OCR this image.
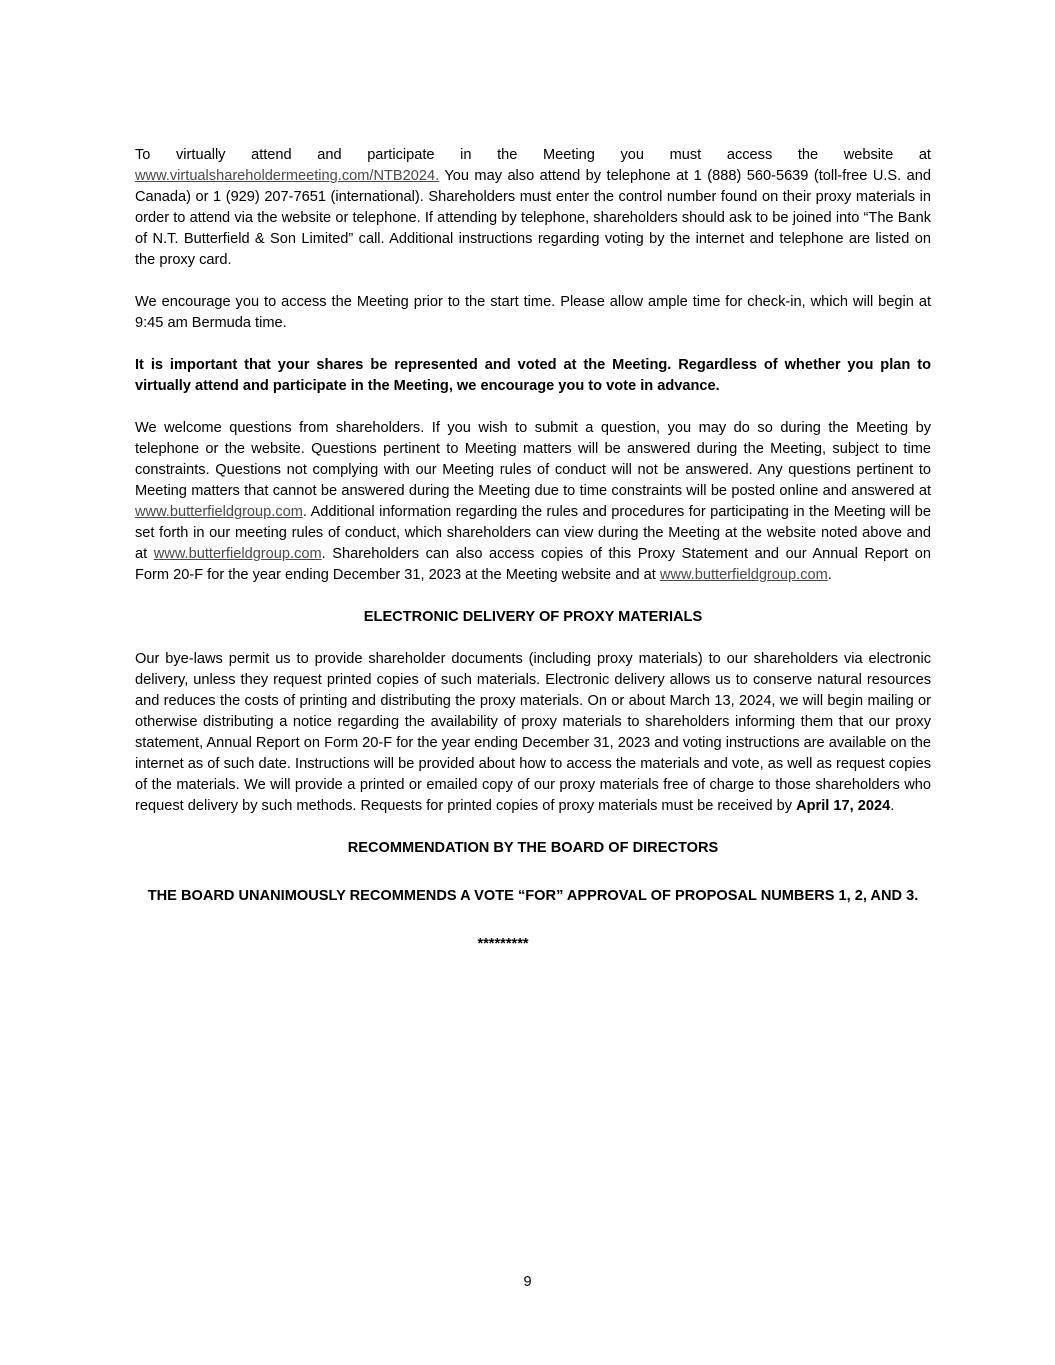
To virtually attend and participate in the Meeting you must access the website at www.virtualshareholdermeeting.com/NTB2024. You may also attend by telephone at 1 (888) 560-5639 (toll-free U.S. and Canada) or 1 (929) 207-7651 (international). Shareholders must enter the control number found on their proxy materials in order to attend via the website or telephone. If attending by telephone, shareholders should ask to be joined into “The Bank of N.T. Butterfield & Son Limited” call. Additional instructions regarding voting by the internet and telephone are listed on the proxy card.

We encourage you to access the Meeting prior to the start time. Please allow ample time for check-in, which will begin at 9:45 am Bermuda time.

It is important that your shares be represented and voted at the Meeting. Regardless of whether you plan to virtually attend and participate in the Meeting, we encourage you to vote in advance.

We welcome questions from shareholders. If you wish to submit a question, you may do so during the Meeting by telephone or the website. Questions pertinent to Meeting matters will be answered during the Meeting, subject to time constraints. Questions not complying with our Meeting rules of conduct will not be answered. Any questions pertinent to Meeting matters that cannot be answered during the Meeting due to time constraints will be posted online and answered at www.butterfieldgroup.com. Additional information regarding the rules and procedures for participating in the Meeting will be set forth in our meeting rules of conduct, which shareholders can view during the Meeting at the website noted above and at www.butterfieldgroup.com. Shareholders can also access copies of this Proxy Statement and our Annual Report on Form 20-F for the year ending December 31, 2023 at the Meeting website and at www.butterfieldgroup.com.

ELECTRONIC DELIVERY OF PROXY MATERIALS

Our bye-laws permit us to provide shareholder documents (including proxy materials) to our shareholders via electronic delivery, unless they request printed copies of such materials. Electronic delivery allows us to conserve natural resources and reduces the costs of printing and distributing the proxy materials. On or about March 13, 2024, we will begin mailing or otherwise distributing a notice regarding the availability of proxy materials to shareholders informing them that our proxy statement, Annual Report on Form 20-F for the year ending December 31, 2023 and voting instructions are available on the internet as of such date. Instructions will be provided about how to access the materials and vote, as well as request copies of the materials. We will provide a printed or emailed copy of our proxy materials free of charge to those shareholders who request delivery by such methods. Requests for printed copies of proxy materials must be received by April 17, 2024.

RECOMMENDATION BY THE BOARD OF DIRECTORS
THE BOARD UNANIMOUSLY RECOMMENDS A VOTE “FOR” APPROVAL OF PROPOSAL NUMBERS 1, 2, AND 3.
*********
9
